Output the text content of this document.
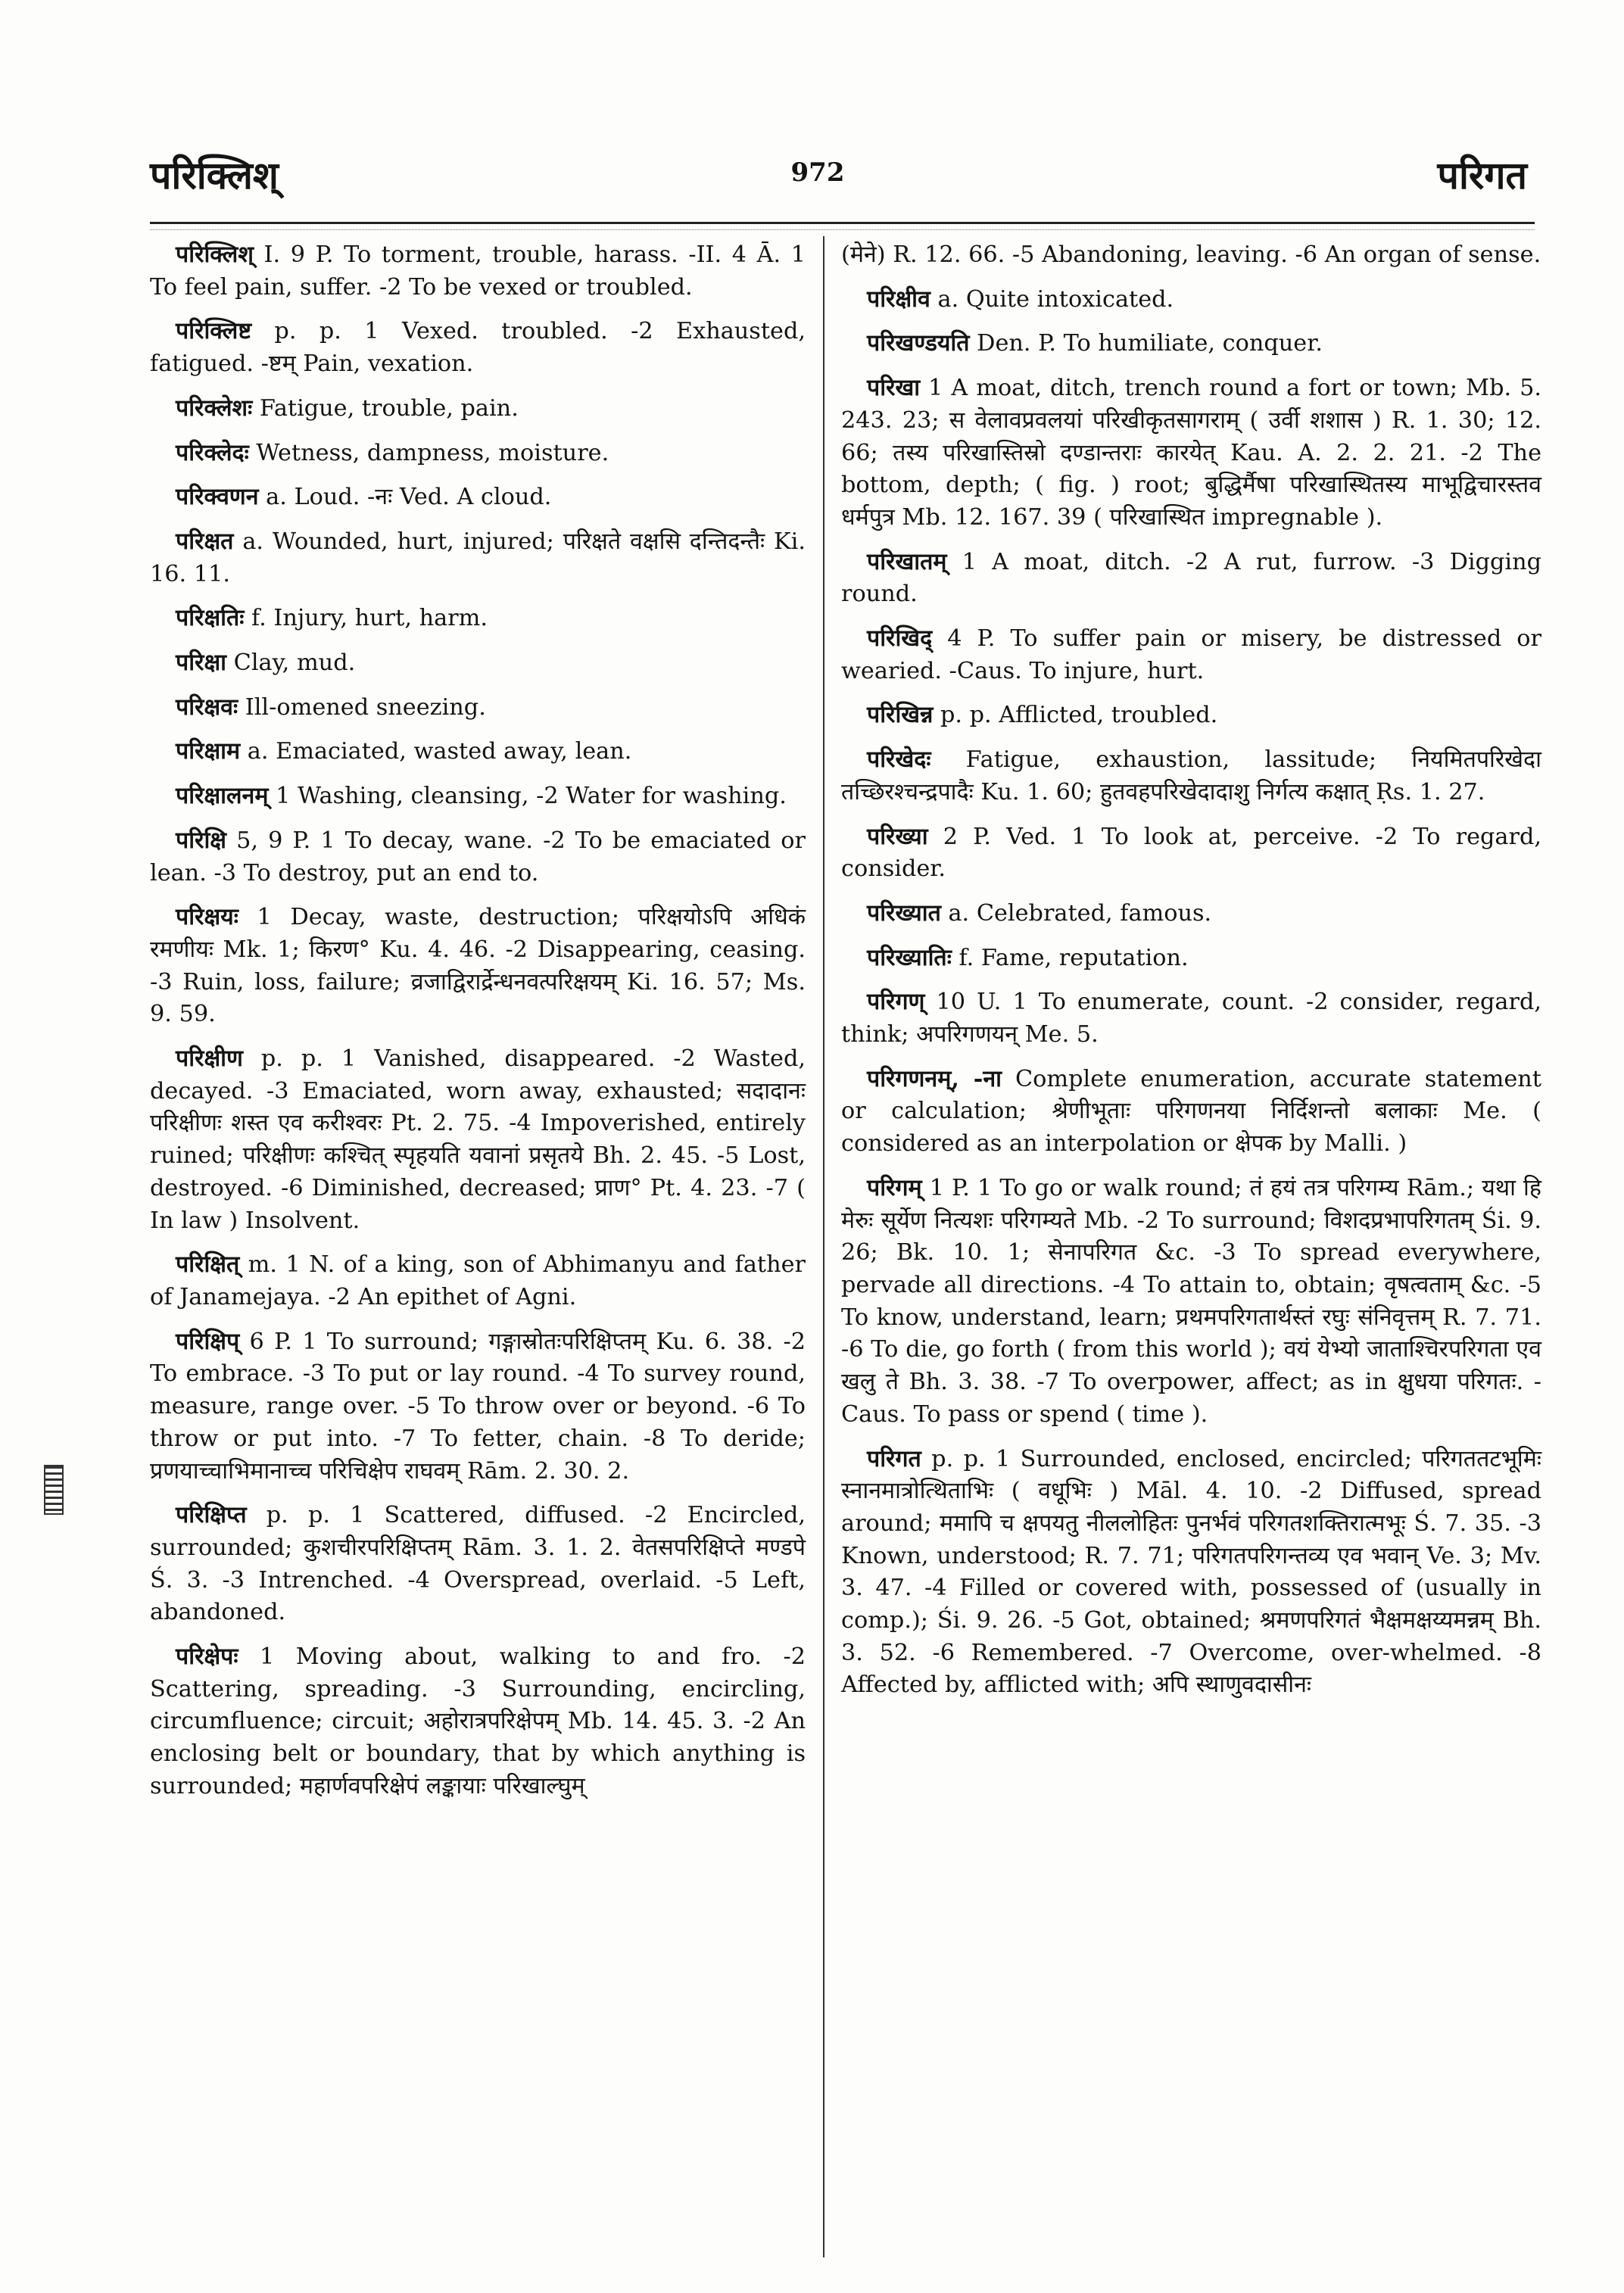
परिक्लिश्	972	परिगत

परिक्लिश् I. 9 P. To torment, trouble, harass. -II. 4 Ā. 1 To feel pain, suffer. -2 To be vexed or troubled.

परिक्लिष्ट p. p. 1 Vexed. troubled. -2 Exhausted, fatigued. -ष्टम् Pain, vexation.

परिक्लेशः Fatigue, trouble, pain.

परिक्लेदः Wetness, dampness, moisture.

परिक्वणन a. Loud. -नः Ved. A cloud.

परिक्षत a. Wounded, hurt, injured; परिक्षते वक्षसि दन्तिदन्तैः Ki. 16. 11.

परिक्षतिः f. Injury, hurt, harm.

परिक्षा Clay, mud.

परिक्षवः Ill-omened sneezing.

परिक्षाम a. Emaciated, wasted away, lean.

परिक्षालनम् 1 Washing, cleansing, -2 Water for washing.

परिक्षि 5, 9 P. 1 To decay, wane. -2 To be emaciated or lean. -3 To destroy, put an end to.

परिक्षयः 1 Decay, waste, destruction; परिक्षयोऽपि अधिकं रमणीयः Mk. 1; किरण° Ku. 4. 46. -2 Disappearing, ceasing. -3 Ruin, loss, failure; व्रजाद्विरार्द्रेन्धनवत्परिक्षयम् Ki. 16. 57; Ms. 9. 59.

परिक्षीण p. p. 1 Vanished, disappeared. -2 Wasted, decayed. -3 Emaciated, worn away, exhausted; सदादानः परिक्षीणः शस्त एव करीश्वरः Pt. 2. 75. -4 Impoverished, entirely ruined; परिक्षीणः कश्चित् स्पृहयति यवानां प्रसृतये Bh. 2. 45. -5 Lost, destroyed. -6 Diminished, decreased; प्राण° Pt. 4. 23. -7 ( In law ) Insolvent.

परिक्षित् m. 1 N. of a king, son of Abhimanyu and father of Janamejaya. -2 An epithet of Agni.

परिक्षिप् 6 P. 1 To surround; गङ्गास्रोतःपरिक्षिप्तम् Ku. 6. 38. -2 To embrace. -3 To put or lay round. -4 To survey round, measure, range over. -5 To throw over or beyond. -6 To throw or put into. -7 To fetter, chain. -8 To deride; प्रणयाच्चाभिमानाच्च परिचिक्षेप राघवम् Rām. 2. 30. 2.

परिक्षिप्त p. p. 1 Scattered, diffused. -2 Encircled, surrounded; कुशचीरपरिक्षिप्तम् Rām. 3. 1. 2. वेतसपरिक्षिप्ते मण्डपे Ś. 3. -3 Intrenched. -4 Overspread, overlaid. -5 Left, abandoned.

परिक्षेपः 1 Moving about, walking to and fro. -2 Scattering, spreading. -3 Surrounding, encircling, circumfluence; circuit; अहोरात्रपरिक्षेपम् Mb. 14. 45. 3. -2 An enclosing belt or boundary, that by which anything is surrounded; महार्णवपरिक्षेपं लङ्कायाः परिखाल्घुम्

(मेने) R. 12. 66. -5 Abandoning, leaving. -6 An organ of sense.

परिक्षीव a. Quite intoxicated.

परिखण्डयति Den. P. To humiliate, conquer.

परिखा 1 A moat, ditch, trench round a fort or town; Mb. 5. 243. 23; स वेलावप्रवलयां परिखीकृतसागराम् ( उर्वी शशास ) R. 1. 30; 12. 66; तस्य परिखास्तिस्रो दण्डान्तराः कारयेत् Kau. A. 2. 2. 21. -2 The bottom, depth; ( fig. ) root; बुद्धिर्मैषा परिखास्थितस्य माभूद्विचारस्तव धर्मपुत्र Mb. 12. 167. 39 ( परिखास्थित impregnable ).

परिखातम् 1 A moat, ditch. -2 A rut, furrow. -3 Digging round.

परिखिद् 4 P. To suffer pain or misery, be distressed or wearied. -Caus. To injure, hurt.

परिखिन्न p. p. Afflicted, troubled.

परिखेदः Fatigue, exhaustion, lassitude; नियमितपरिखेदा तच्छिरश्चन्द्रपादैः Ku. 1. 60; हुतवहपरिखेदादाशु निर्गत्य कक्षात् Ṛs. 1. 27.

परिख्या 2 P. Ved. 1 To look at, perceive. -2 To regard, consider.

परिख्यात a. Celebrated, famous.

परिख्यातिः f. Fame, reputation.

परिगण् 10 U. 1 To enumerate, count. -2 consider, regard, think; अपरिगणयन् Me. 5.

परिगणनम्, -ना Complete enumeration, accurate statement or calculation; श्रेणीभूताः परिगणनया निर्दिशन्तो बलाकाः Me. ( considered as an interpolation or क्षेपक by Malli. )

परिगम् 1 P. 1 To go or walk round; तं हयं तत्र परिगम्य Rām.; यथा हि मेरुः सूर्येण नित्यशः परिगम्यते Mb. -2 To surround; विशदप्रभापरिगतम् Śi. 9. 26; Bk. 10. 1; सेनापरिगत &c. -3 To spread everywhere, pervade all directions. -4 To attain to, obtain; वृषत्वताम् &c. -5 To know, understand, learn; प्रथमपरिगतार्थस्तं रघुः संनिवृत्तम् R. 7. 71. -6 To die, go forth ( from this world ); वयं येभ्यो जाताश्चिरपरिगता एव खलु ते Bh. 3. 38. -7 To overpower, affect; as in क्षुधया परिगतः. -Caus. To pass or spend ( time ).

परिगत p. p. 1 Surrounded, enclosed, encircled; परिगततटभूमिः स्नानमात्रोत्थिताभिः ( वधूभिः ) Māl. 4. 10. -2 Diffused, spread around; ममापि च क्षपयतु नीललोहितः पुनर्भवं परिगतशक्तिरात्मभूः Ś. 7. 35. -3 Known, understood; R. 7. 71; परिगतपरिगन्तव्य एव भवान् Ve. 3; Mv. 3. 47. -4 Filled or covered with, possessed of (usually in comp.); Śi. 9. 26. -5 Got, obtained; श्रमणपरिगतं भैक्षमक्षय्यमन्नम् Bh. 3. 52. -6 Remembered. -7 Overcome, over-whelmed. -8 Affected by, afflicted with; अपि स्थाणुवदासीनः
